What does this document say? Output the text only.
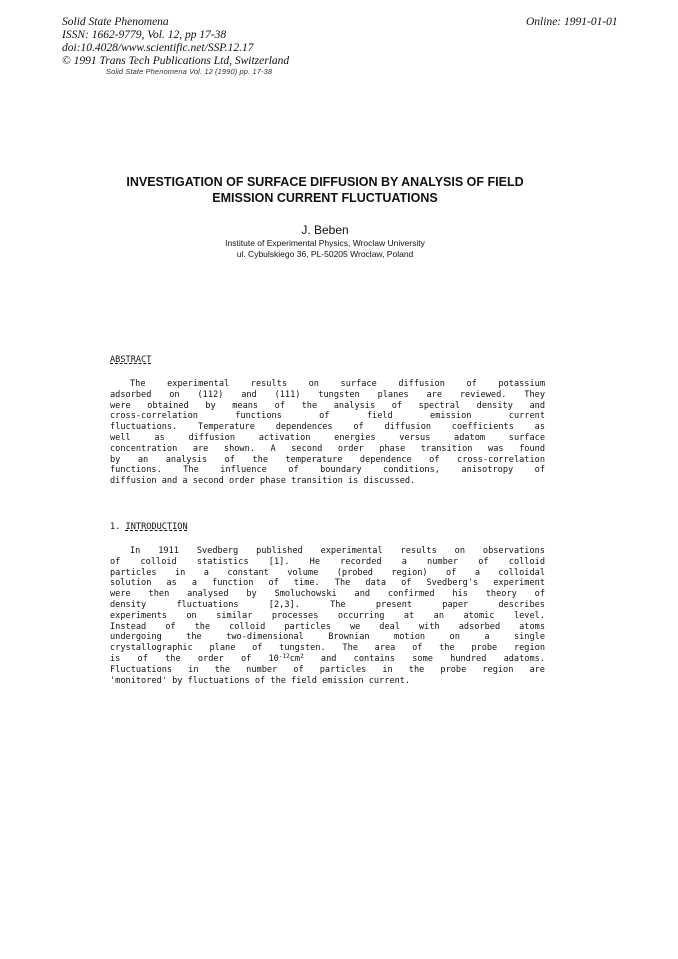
Solid State Phenomena
ISSN: 1662-9779, Vol. 12, pp 17-38
doi:10.4028/www.scientific.net/SSP.12.17
© 1991 Trans Tech Publications Ltd, Switzerland
Online: 1991-01-01
Solid State Phenomena Vol. 12 (1990) pp. 17-38
INVESTIGATION OF SURFACE DIFFUSION BY ANALYSIS OF FIELD
EMISSION CURRENT FLUCTUATIONS
J. Beben
Institute of Experimental Physics, Wroclaw University
ul. Cybulskiego 36, PL-50205 Wroclaw, Poland
ABSTRACT
The experimental results on surface diffusion of potassium
adsorbed on (112) and (111) tungsten planes are reviewed. They
were obtained by means of the analysis of spectral density and
cross-correlation functions of field emission current
fluctuations. Temperature dependences of diffusion coefficients as
well as diffusion activation energies versus adatom surface
concentration are shown. A second order phase transition was found
by an analysis of the temperature dependence of cross-correlation
functions. The influence of boundary conditions, anisotropy of
diffusion and a second order phase transition is discussed.
1. INTRODUCTION
In 1911 Svedberg published experimental results on observations
of colloid statistics [1]. He recorded a number of colloid
particles in a constant volume (probed region) of a colloidal
solution as a function of time. The data of Svedberg's experiment
were then analysed by Smoluchowski and confirmed his theory of
density fluctuations [2,3]. The present paper describes
experiments on similar processes occurring at an atomic level.
Instead of the colloid particles we deal with adsorbed atoms
undergoing the two-dimensional Brownian motion on a single
crystallographic plane of tungsten. The area of the probe region
is of the order of $10^{-12}cm^2$ and contains some hundred adatoms.
Fluctuations in the number of particles in the probe region are
'monitored' by fluctuations of the field emission current.
